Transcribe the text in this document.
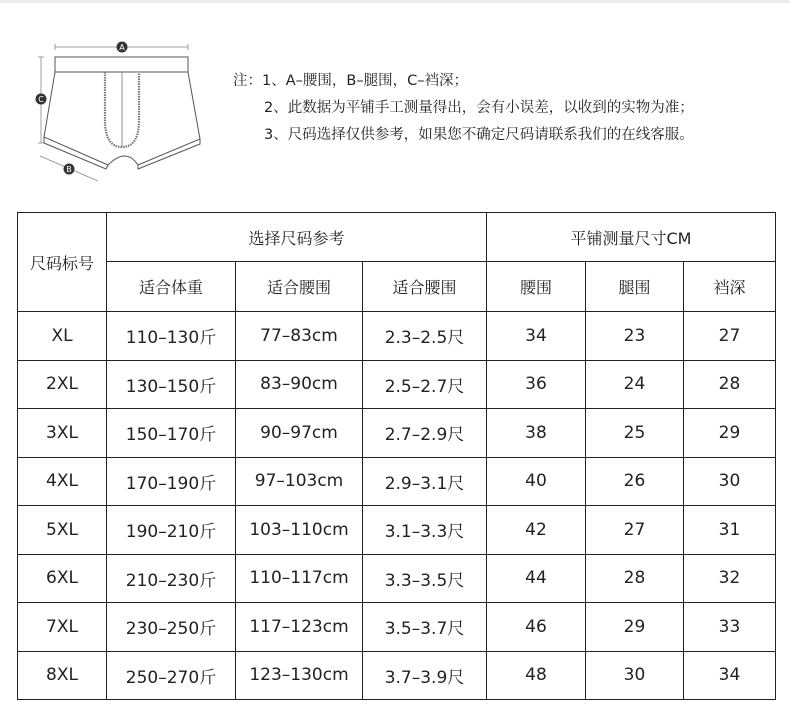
A
C
B
注：1、A–腰围，B–腿围，C–裆深；
2、此数据为平铺手工测量得出，会有小误差，以收到的实物为准；
3、尺码选择仅供参考，如果您不确定尺码请联系我们的在线客服。
尺码标号	选择尺码参考			平铺测量尺寸CM		
	适合体重	适合腰围	适合腰围	腰围	腿围	裆深
XL	110–130斤	77–83cm	2.3–2.5尺	34	23	27
2XL	130–150斤	83–90cm	2.5–2.7尺	36	24	28
3XL	150–170斤	90–97cm	2.7–2.9尺	38	25	29
4XL	170–190斤	97–103cm	2.9–3.1尺	40	26	30
5XL	190–210斤	103–110cm	3.1–3.3尺	42	27	31
6XL	210–230斤	110–117cm	3.3–3.5尺	44	28	32
7XL	230–250斤	117–123cm	3.5–3.7尺	46	29	33
8XL	250–270斤	123–130cm	3.7–3.9尺	48	30	34
